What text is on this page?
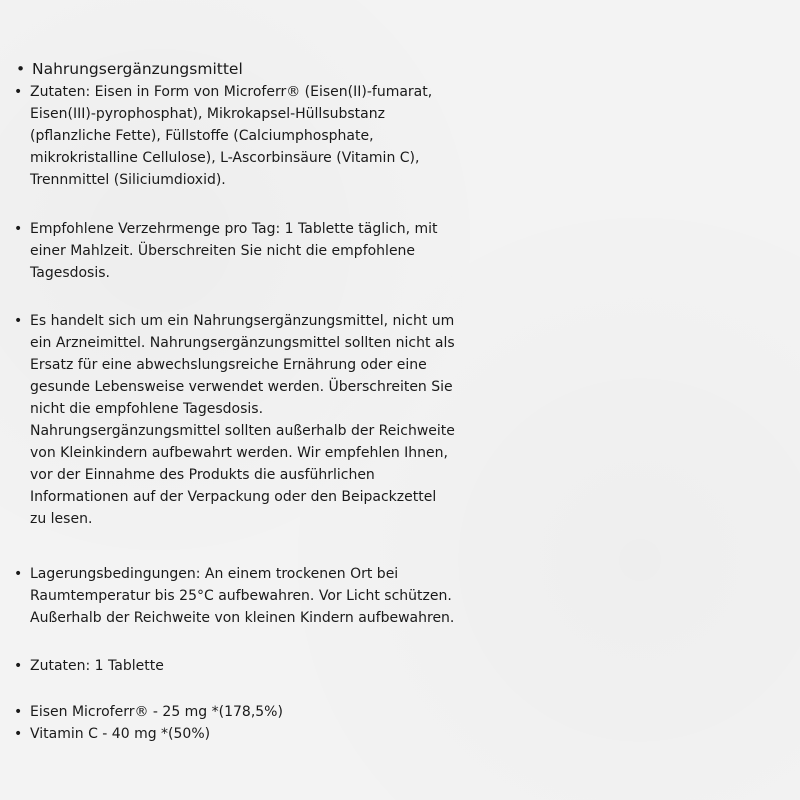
• Nahrungsergänzungsmittel

• Zutaten: Eisen in Form von Microferr® (Eisen(II)-fumarat,

Eisen(III)-pyrophosphat), Mikrokapsel-Hüllsubstanz

(pflanzliche Fette), Füllstoffe (Calciumphosphate,

mikrokristalline Cellulose), L-Ascorbinsäure (Vitamin C),

Trennmittel (Siliciumdioxid).

• Empfohlene Verzehrmenge pro Tag: 1 Tablette täglich, mit

einer Mahlzeit. Überschreiten Sie nicht die empfohlene

Tagesdosis.

• Es handelt sich um ein Nahrungsergänzungsmittel, nicht um

ein Arzneimittel. Nahrungsergänzungsmittel sollten nicht als

Ersatz für eine abwechslungsreiche Ernährung oder eine

gesunde Lebensweise verwendet werden. Überschreiten Sie

nicht die empfohlene Tagesdosis.

Nahrungsergänzungsmittel sollten außerhalb der Reichweite

von Kleinkindern aufbewahrt werden. Wir empfehlen Ihnen,

vor der Einnahme des Produkts die ausführlichen

Informationen auf der Verpackung oder den Beipackzettel

zu lesen.

• Lagerungsbedingungen: An einem trockenen Ort bei

Raumtemperatur bis 25°C aufbewahren. Vor Licht schützen.

Außerhalb der Reichweite von kleinen Kindern aufbewahren.

• Zutaten: 1 Tablette

• Eisen Microferr® - 25 mg *(178,5%)

• Vitamin C - 40 mg *(50%)
